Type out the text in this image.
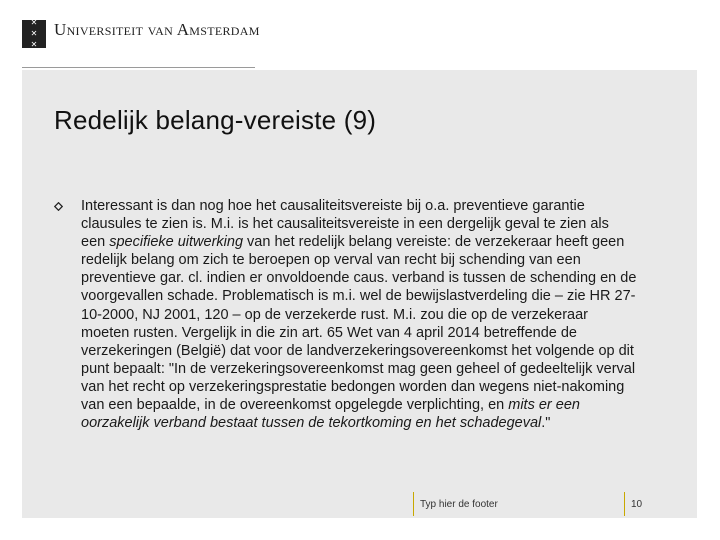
✕
✕
✕
Universiteit van Amsterdam
Redelijk belang-vereiste (9)

Interessant is dan nog hoe het causaliteitsvereiste bij o.a. preventieve garantie clausules te zien is. M.i. is het causaliteitsvereiste in een dergelijk geval te zien als een specifieke uitwerking van het redelijk belang vereiste: de verzekeraar heeft geen redelijk belang om zich te beroepen op verval van recht bij schending van een preventieve gar. cl. indien er onvoldoende caus. verband is tussen de schending en de voorgevallen schade. Problematisch is m.i. wel de bewijslastverdeling die – zie HR 27-10-2000, NJ 2001, 120 – op de verzekerde rust. M.i. zou die op de verzekeraar moeten rusten. Vergelijk in die zin art. 65 Wet van 4 april 2014 betreffende de verzekeringen (België) dat voor de landverzekeringsovereenkomst het volgende op dit punt bepaalt: "In de verzekeringsovereenkomst mag geen geheel of gedeeltelijk verval van het recht op verzekeringsprestatie bedongen worden dan wegens niet-nakoming van een bepaalde, in de overeenkomst opgelegde verplichting, en mits er een oorzakelijk verband bestaat tussen de tekortkoming en het schadegeval."

Typ hier de footer	10
